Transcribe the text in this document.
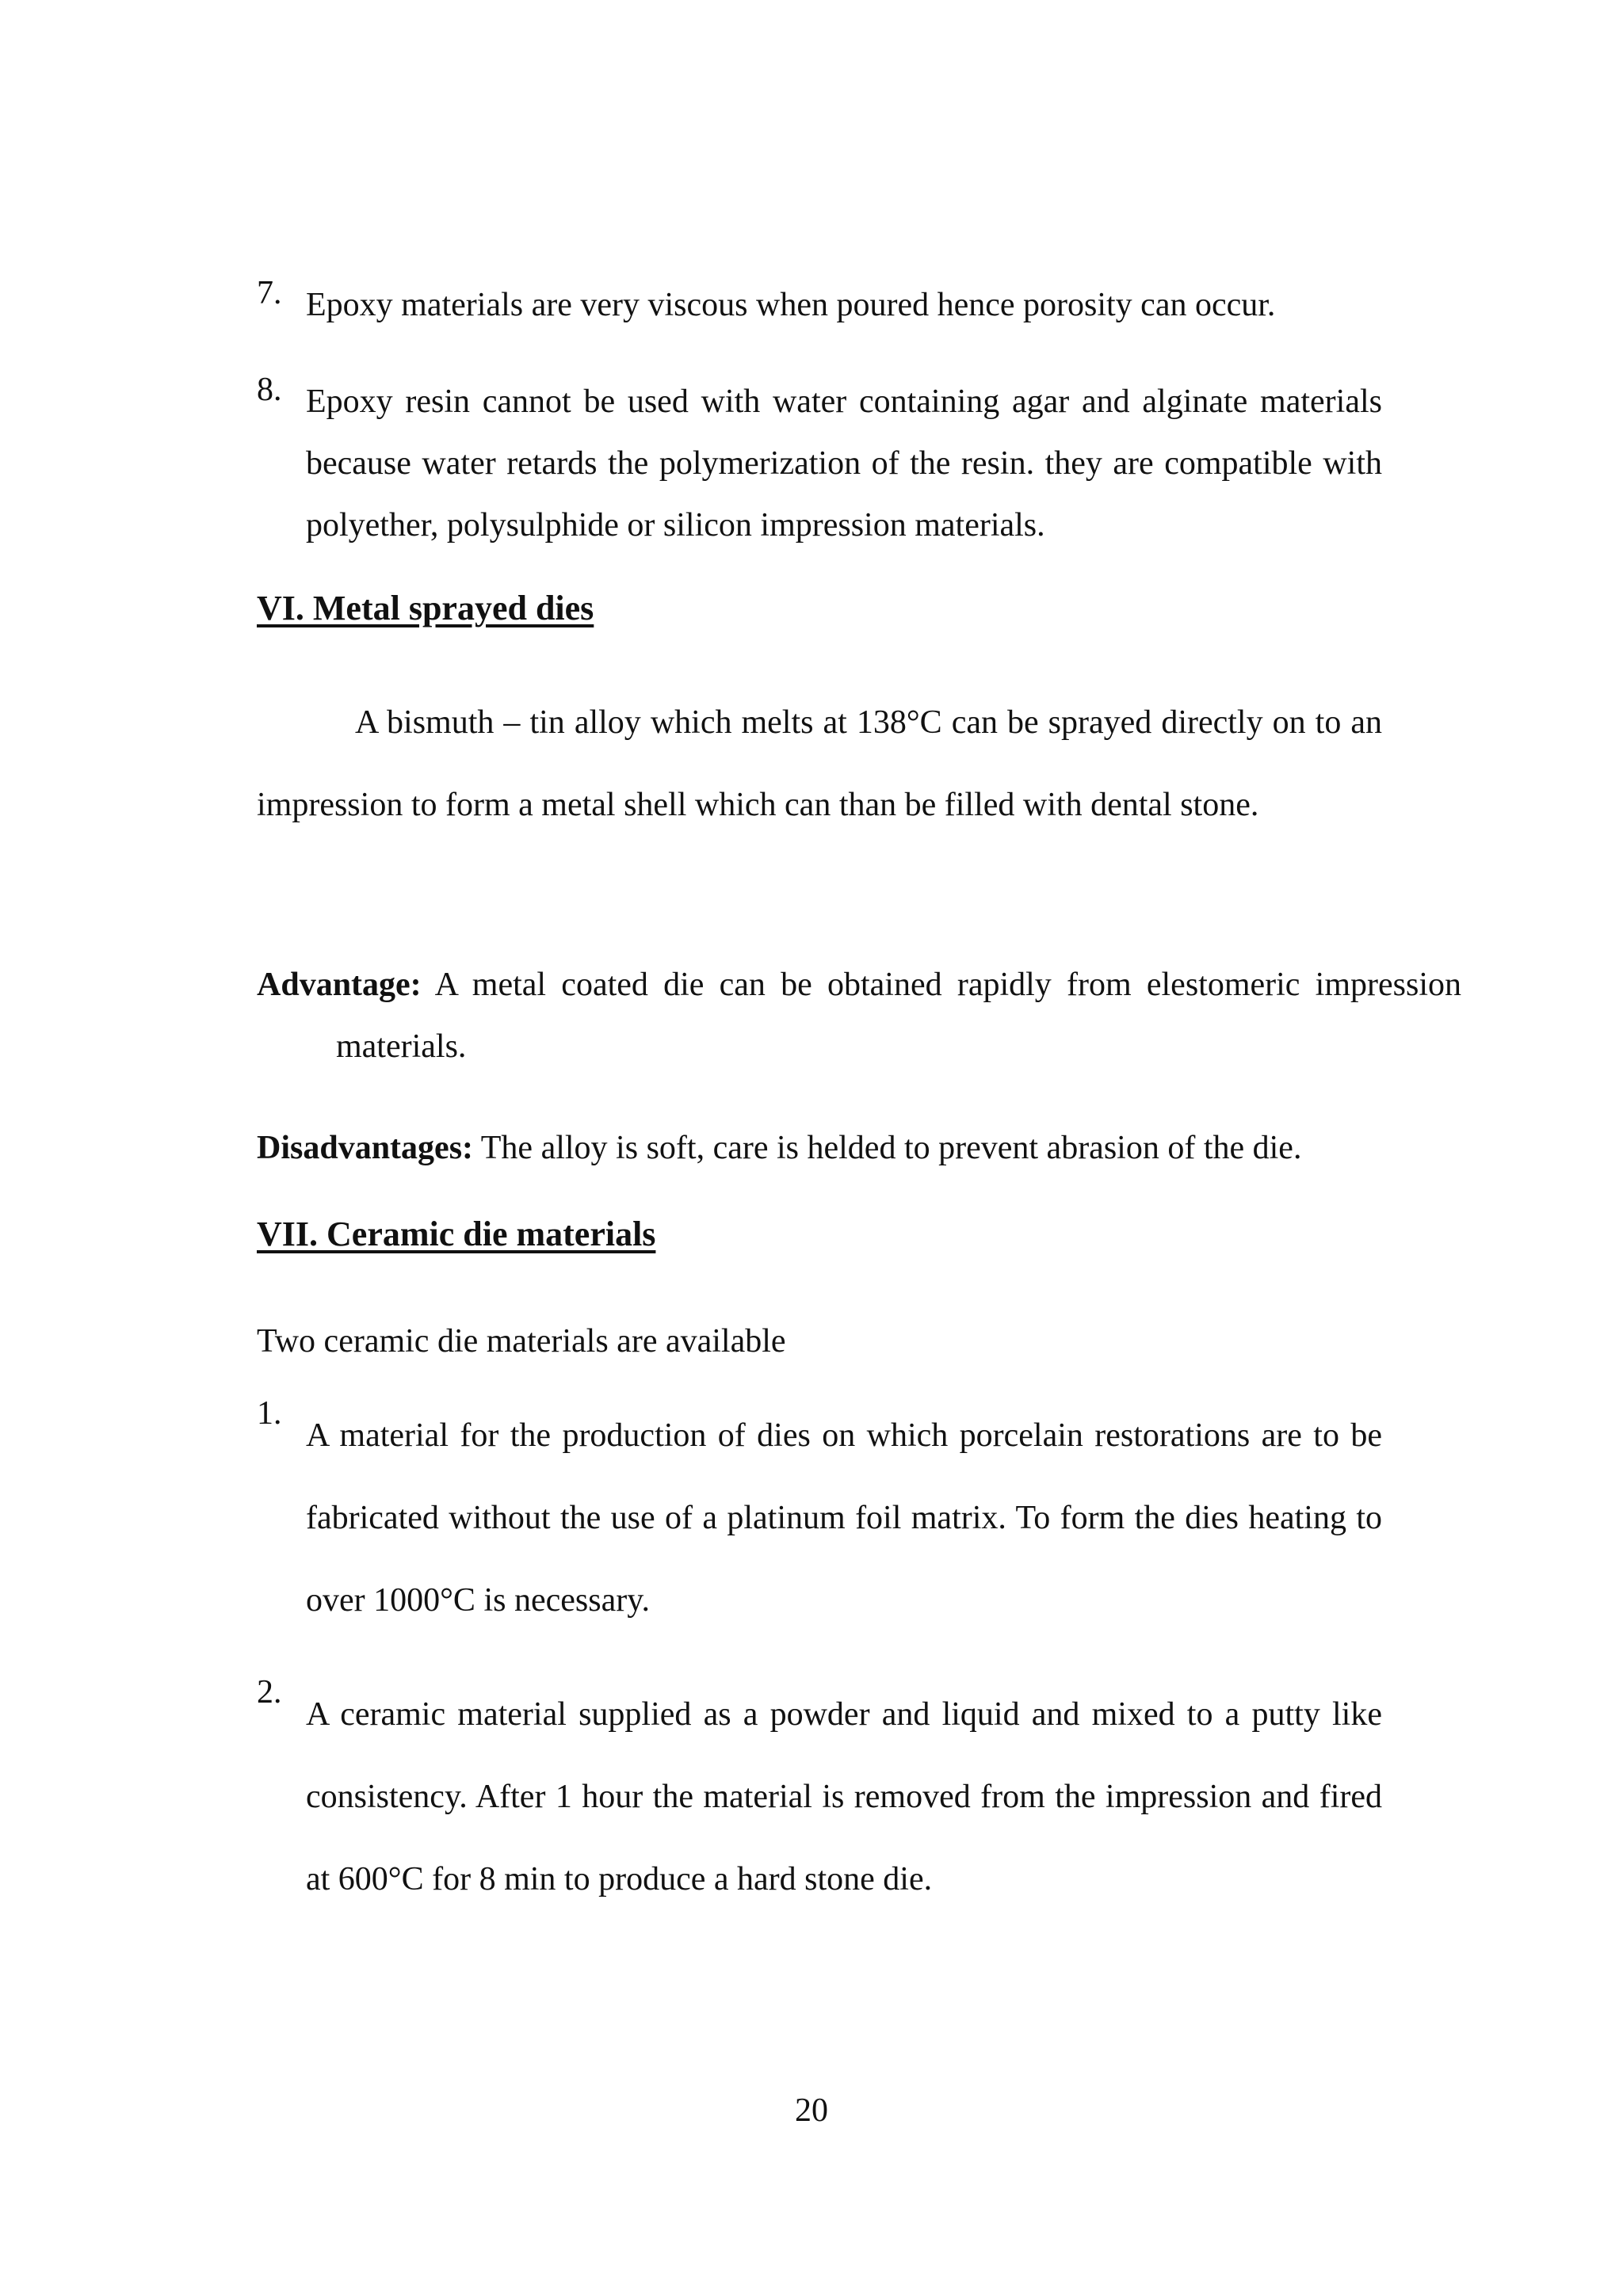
7. Epoxy materials are very viscous when poured hence porosity can occur.
8. Epoxy resin cannot be used with water containing agar and alginate materials because water retards the polymerization of the resin. they are compatible with polyether, polysulphide or silicon impression materials.
VI. Metal sprayed dies

A bismuth – tin alloy which melts at 138°C can be sprayed directly on to an impression to form a metal shell which can than be filled with dental stone.

Advantage: A metal coated die can be obtained rapidly from elestomeric impression materials.
Disadvantages: The alloy is soft, care is helded to prevent abrasion of the die.
VII. Ceramic die materials
Two ceramic die materials are available
1.
A material for the production of dies on which porcelain restorations are to be fabricated without the use of a platinum foil matrix. To form the dies heating to over 1000°C is necessary.
2.
A ceramic material supplied as a powder and liquid and mixed to a putty like consistency. After 1 hour the material is removed from the impression and fired at 600°C for 8 min to produce a hard stone die.
20
